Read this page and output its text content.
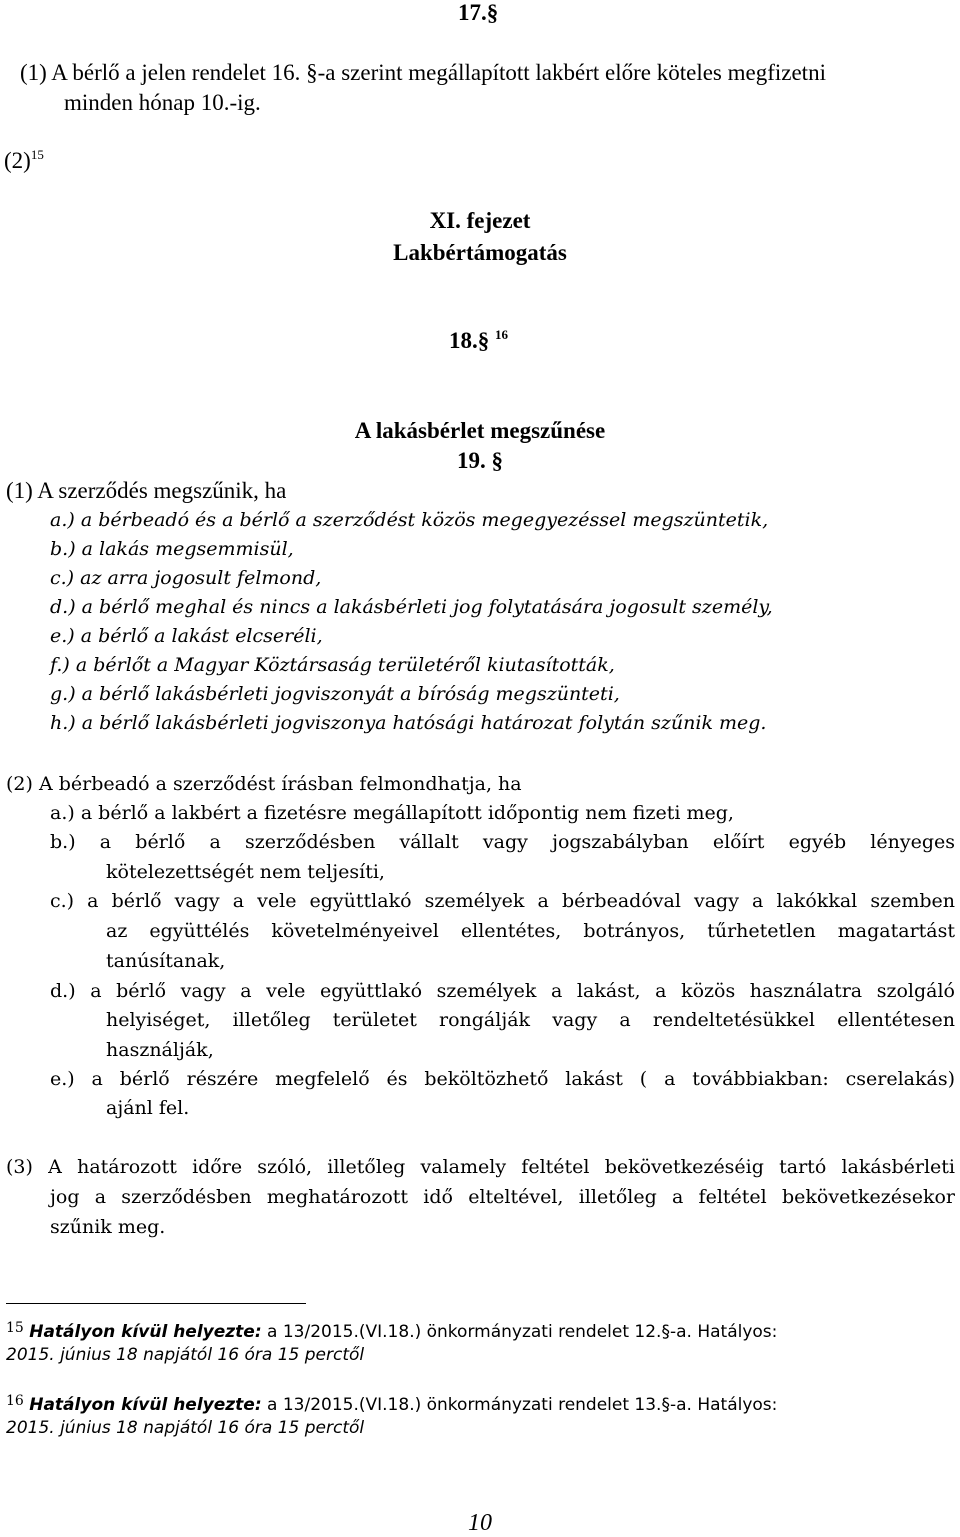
17.§
(1) A bérlő a jelen rendelet 16. §-a szerint megállapított lakbért előre köteles megfizetni
minden hónap 10.-ig.
$(2)^{15}$
XI. fejezet
Lakbértámogatás
18.§ $^{16}$
A lakásbérlet megszűnése
19. §
(1) A szerződés megszűnik, ha
a.) a bérbeadó és a bérlő a szerződést közös megegyezéssel megszüntetik,
b.) a lakás megsemmisül,
c.) az arra jogosult felmond,
d.) a bérlő meghal és nincs a lakásbérleti jog folytatására jogosult személy,
e.) a bérlő a lakást elcseréli,
f.) a bérlőt a Magyar Köztársaság területéről kiutasították,
g.) a bérlő lakásbérleti jogviszonyát a bíróság megszünteti,
h.) a bérlő lakásbérleti jogviszonya hatósági határozat folytán szűnik meg.
(2) A bérbeadó a szerződést írásban felmondhatja, ha
a.) a bérlő a lakbért a fizetésre megállapított időpontig nem fizeti meg,
b.) a bérlő a szerződésben vállalt vagy jogszabályban előírt egyéb lényeges
kötelezettségét nem teljesíti,
c.) a bérlő vagy a vele együttlakó személyek a bérbeadóval vagy a lakókkal szemben
az együttélés követelményeivel ellentétes, botrányos, tűrhetetlen magatartást
tanúsítanak,
d.) a bérlő vagy a vele együttlakó személyek a lakást, a közös használatra szolgáló
helyiséget, illetőleg területet rongálják vagy a rendeltetésükkel ellentétesen
használják,
e.) a bérlő részére megfelelő és beköltözhető lakást ( a továbbiakban: cserelakás)
ajánl fel.
(3) A határozott időre szóló, illetőleg valamely feltétel bekövetkezéséig tartó lakásbérleti
jog a szerződésben meghatározott idő elteltével, illetőleg a feltétel bekövetkezésekor
szűnik meg.
$^{15}$ Hatályon kívül helyezte: a 13/2015.(VI.18.) önkormányzati rendelet 12.§-a. Hatályos:
2015. június 18 napjától 16 óra 15 perctől
$^{16}$ Hatályon kívül helyezte: a 13/2015.(VI.18.) önkormányzati rendelet 13.§-a. Hatályos:
2015. június 18 napjától 16 óra 15 perctől
10
